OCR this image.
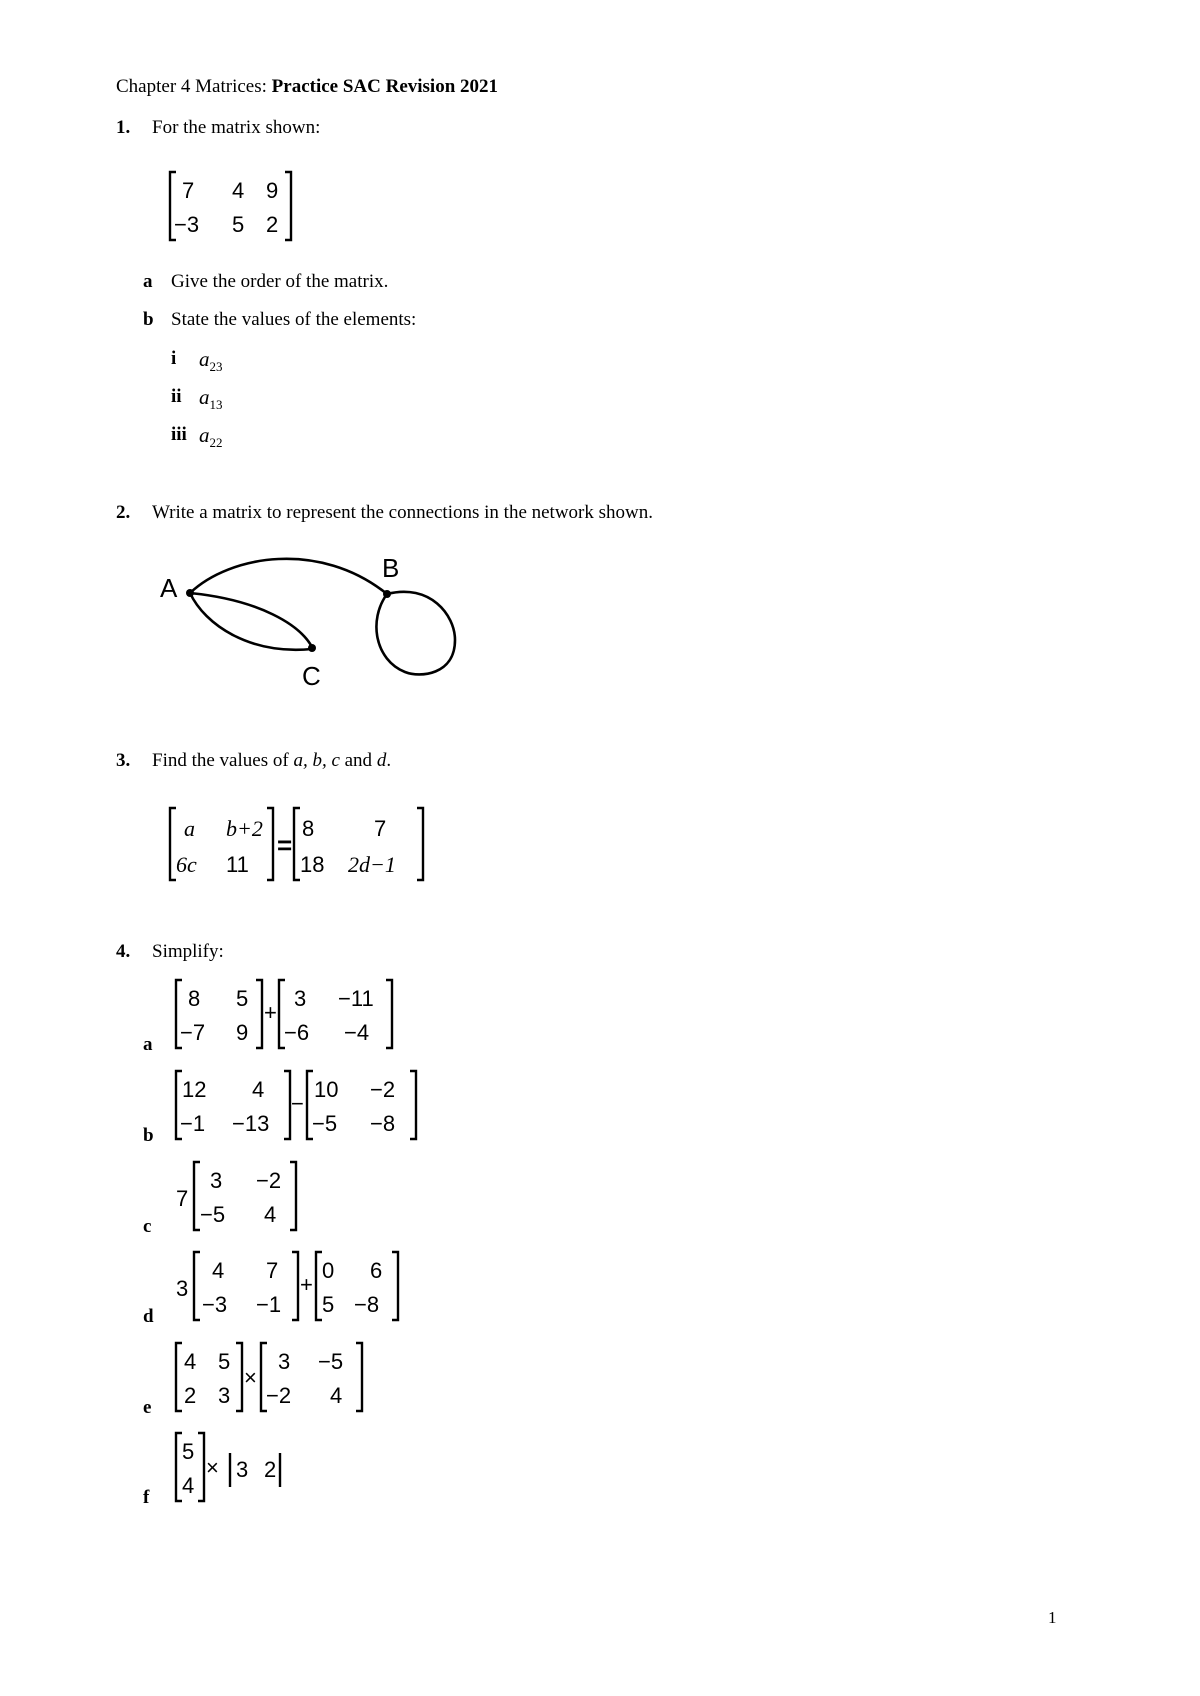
Chapter 4 Matrices: Practice SAC Revision 2021
1. For the matrix shown:
7 4 9
−3 5 2
a Give the order of the matrix.
b State the values of the elements:
i $a_{23}$
ii $a_{13}$
iii $a_{22}$
2. Write a matrix to represent the connections in the network shown.
A
B
C
3. Find the values of a, b, c and d.
a b+2
6c 11
=
8	7
18 2d−1
4. Simplify:
a
8 5
−7 9
+
3 −11
−6 −4
b
12 4
−1 −13
−
10 −2
−5 −8
c
7
3 −2
−5 4
d
3
4 7
−3 −1
+
0 6
5 −8
e
4 5
2 3
×
3 −5
−2 4
f
5
4
× 3 2
1
